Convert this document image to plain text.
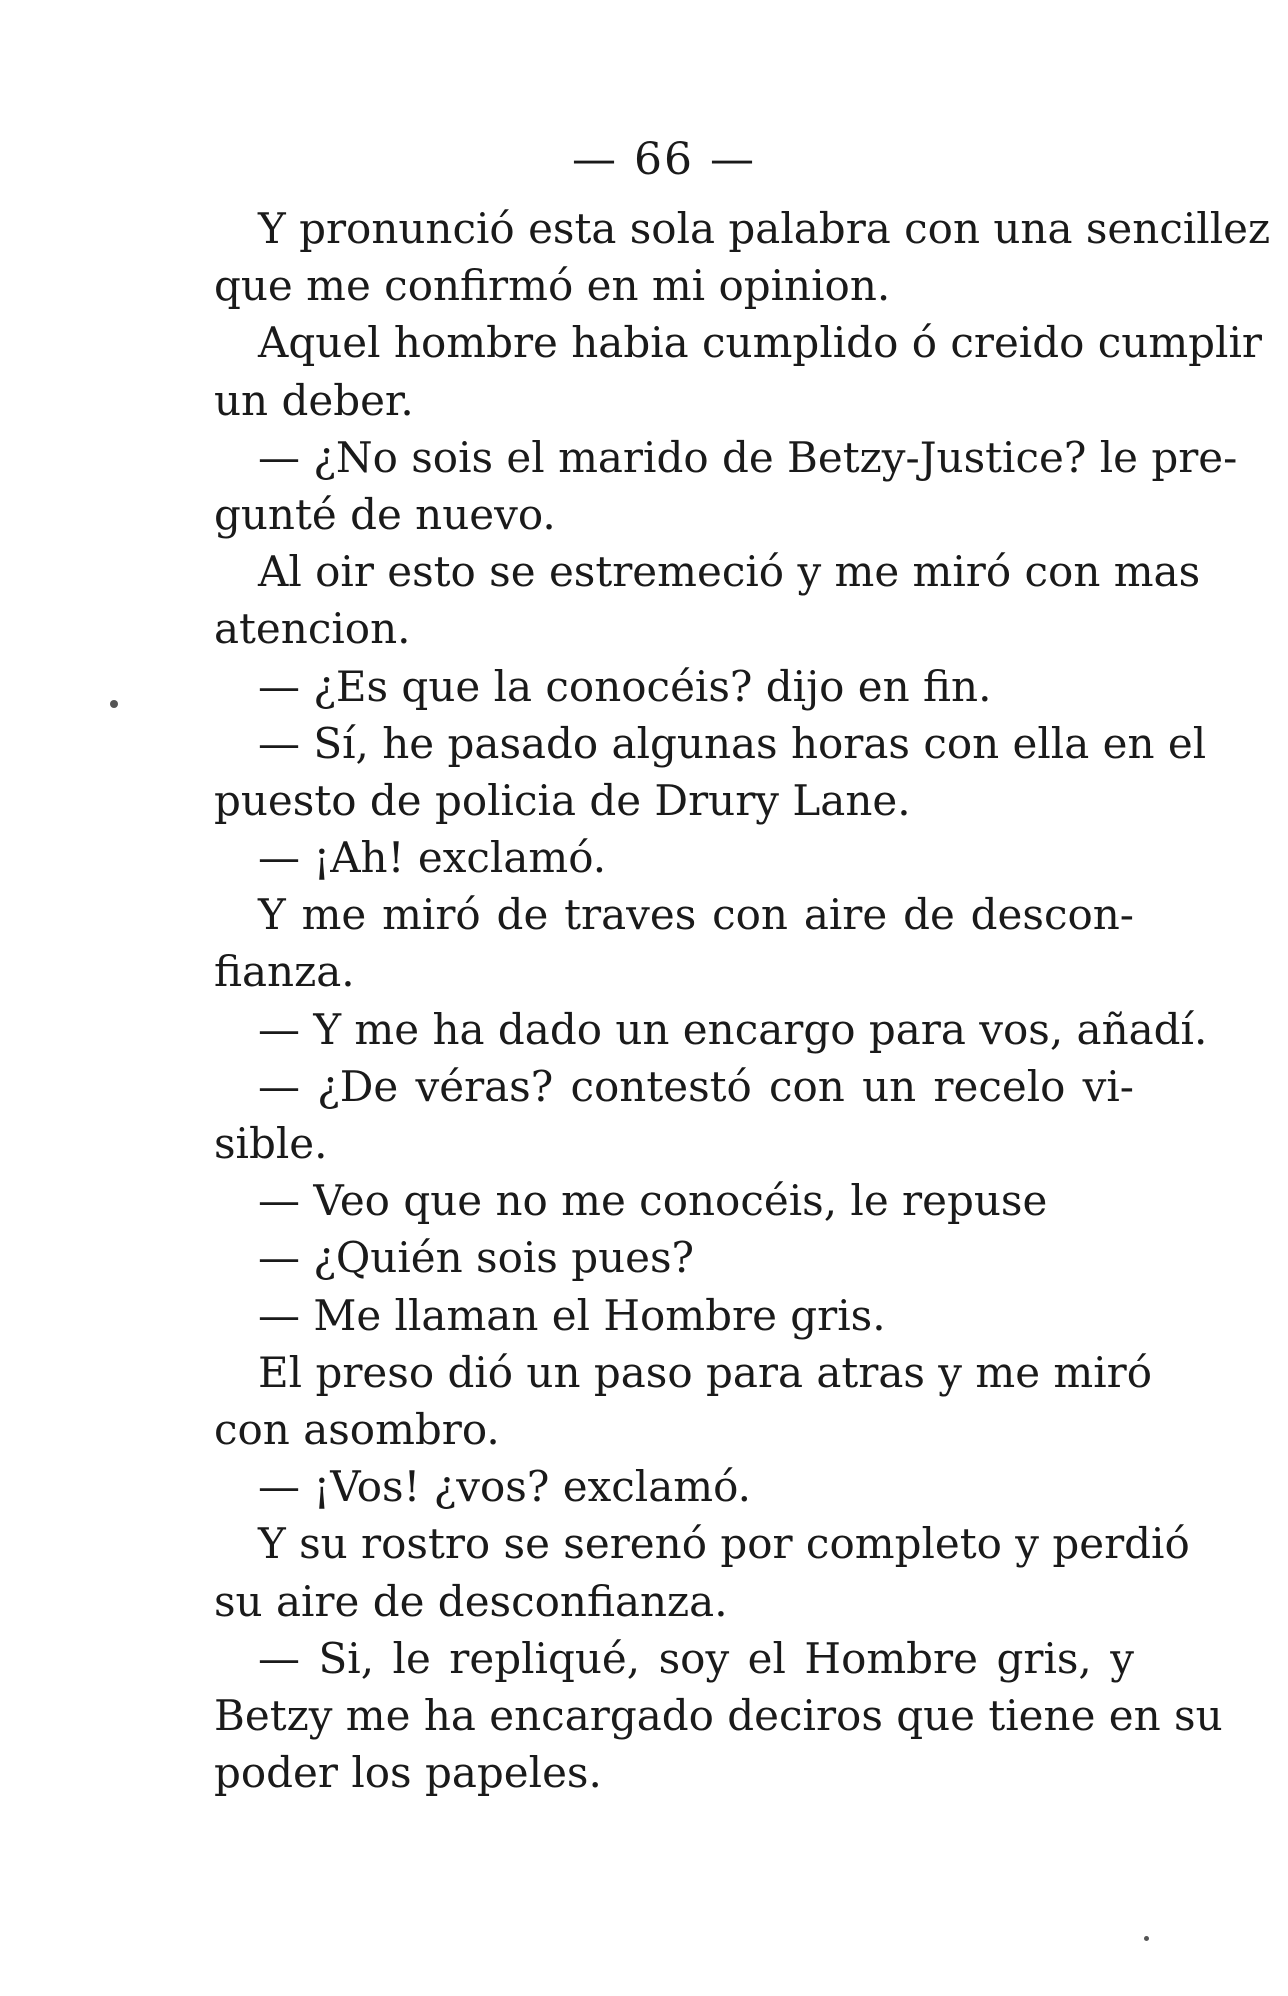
— 66 —
Y pronunció esta sola palabra con una sencillez
que me confirmó en mi opinion.
Aquel hombre habia cumplido ó creido cumplir
un deber.
— ¿No sois el marido de Betzy-Justice? le pre-
gunté de nuevo.
Al oir esto se estremeció y me miró con mas
atencion.
— ¿Es que la conocéis? dijo en fin.
— Sí, he pasado algunas horas con ella en el
puesto de policia de Drury Lane.
— ¡Ah! exclamó.
Y me miró de traves con aire de descon-
fianza.
— Y me ha dado un encargo para vos, añadí.
— ¿De véras? contestó con un recelo vi-
sible.
— Veo que no me conocéis, le repuse
— ¿Quién sois pues?
— Me llaman el Hombre gris.
El preso dió un paso para atras y me miró
con asombro.
— ¡Vos! ¿vos? exclamó.
Y su rostro se serenó por completo y perdió
su aire de desconfianza.
— Si, le repliqué, soy el Hombre gris, y
Betzy me ha encargado deciros que tiene en su
poder los papeles.
